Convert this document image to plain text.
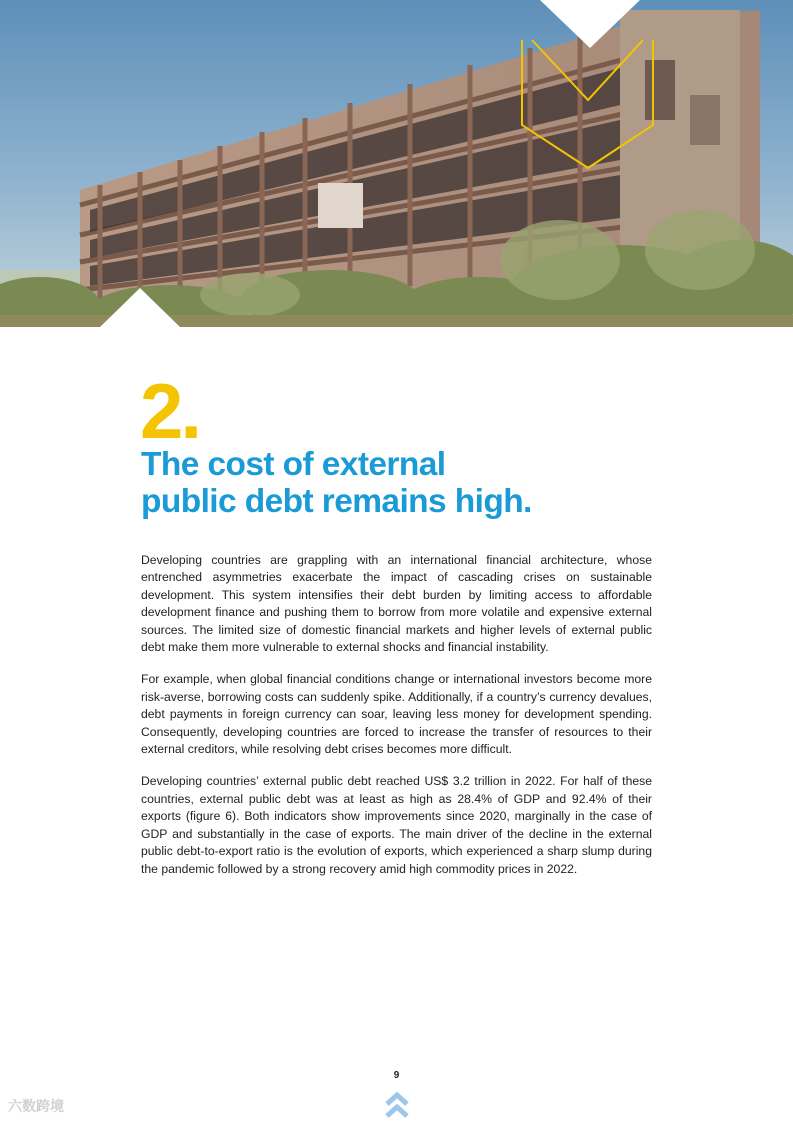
2.
The cost of external
public debt remains high.

Developing countries are grappling with an international financial architecture, whose entrenched asymmetries exacerbate the impact of cascading crises on sustainable development. This system intensifies their debt burden by limiting access to affordable development finance and pushing them to borrow from more volatile and expensive external sources. The limited size of domestic financial markets and higher levels of external public debt make them more vulnerable to external shocks and financial instability.

For example, when global financial conditions change or international investors become more risk-averse, borrowing costs can suddenly spike. Additionally, if a country’s currency devalues, debt payments in foreign currency can soar, leaving less money for development spending. Consequently, developing countries are forced to increase the transfer of resources to their external creditors, while resolving debt crises becomes more difficult.

Developing countries’ external public debt reached US$ 3.2 trillion in 2022. For half of these countries, external public debt was at least as high as 28.4% of GDP and 92.4% of their exports (figure 6). Both indicators show improvements since 2020, marginally in the case of GDP and substantially in the case of exports. The main driver of the decline in the external public debt-to-export ratio is the evolution of exports, which experienced a sharp slump during the pandemic followed by a strong recovery amid high commodity prices in 2022.

9
六数跨境
